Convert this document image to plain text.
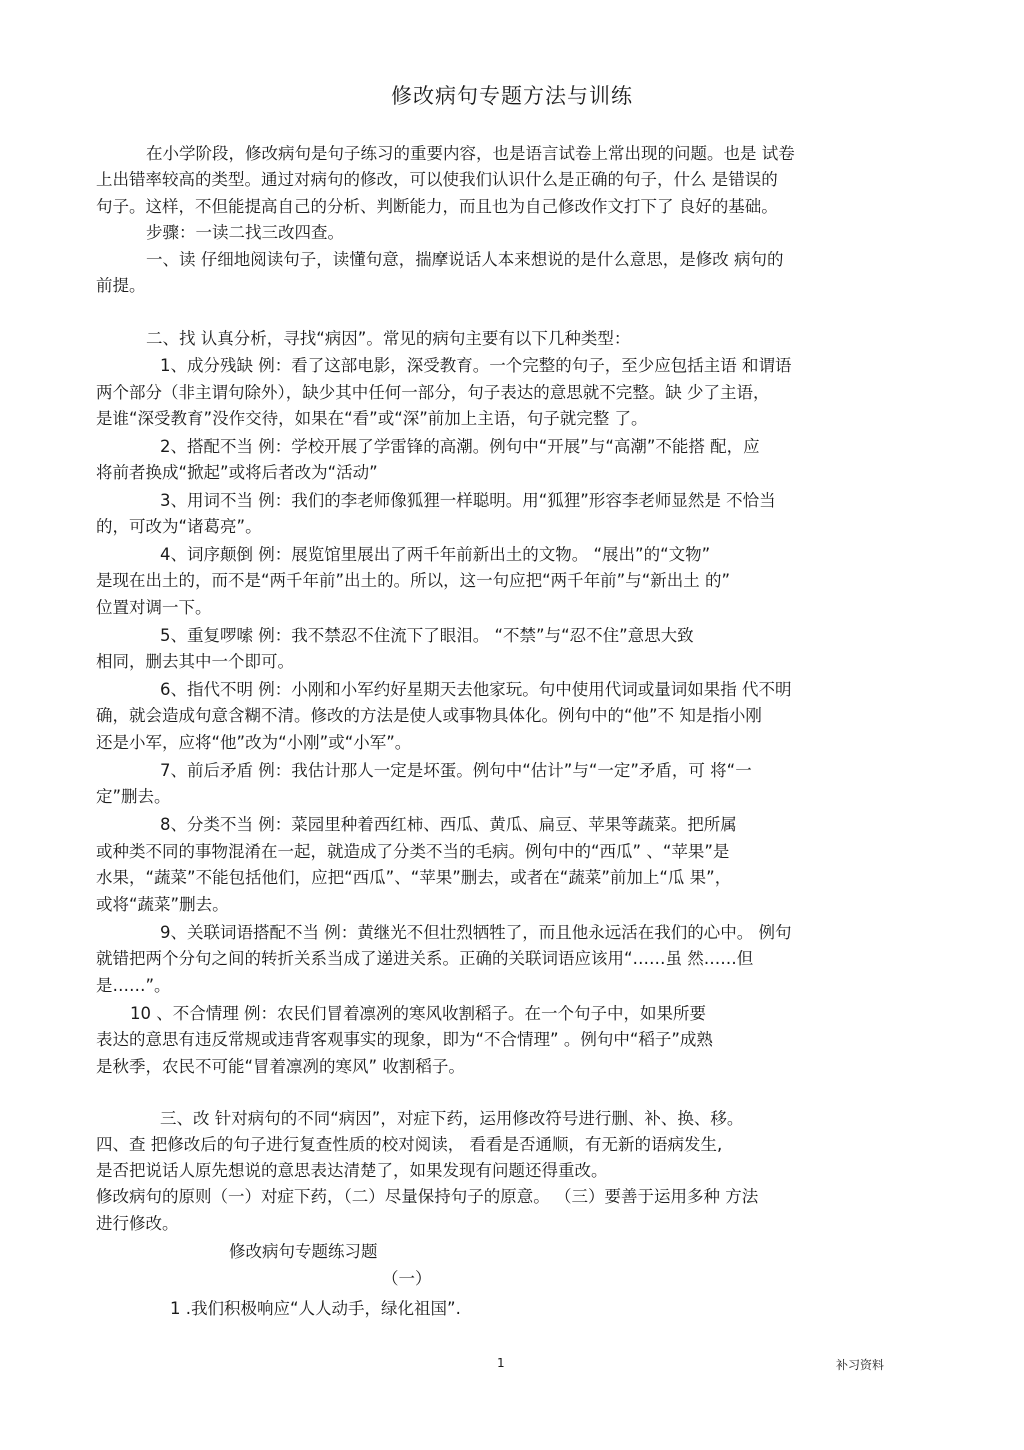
修改病句专题方法与训练
在小学阶段，修改病句是句子练习的重要内容，也是语言试卷上常出现的问题。也是 试卷
上出错率较高的类型。通过对病句的修改，可以使我们认识什么是正确的句子，什么 是错误的
句子。这样，不但能提高自己的分析、判断能力，而且也为自己修改作文打下了 良好的基础。
步骤：一读二找三改四查。
一、读 仔细地阅读句子，读懂句意，揣摩说话人本来想说的是什么意思，是修改 病句的
前提。
二、找 认真分析，寻找“病因”。常见的病句主要有以下几种类型：
1、成分残缺 例：看了这部电影，深受教育。一个完整的句子，至少应包括主语 和谓语
两个部分（非主谓句除外），缺少其中任何一部分，句子表达的意思就不完整。缺 少了主语，
是谁“深受教育”没作交待，如果在“看”或“深”前加上主语，句子就完整 了。
2、搭配不当 例：学校开展了学雷锋的高潮。例句中“开展”与“高潮”不能搭 配，应
将前者换成“掀起”或将后者改为“活动”
3、用词不当 例：我们的李老师像狐狸一样聪明。用“狐狸”形容李老师显然是 不恰当
的，可改为“诸葛亮”。
4、词序颠倒 例：展览馆里展出了两千年前新出土的文物。 “展出”的“文物”
是现在出土的，而不是“两千年前”出土的。所以，这一句应把“两千年前”与“新出土 的”
位置对调一下。
5、重复啰嗦 例：我不禁忍不住流下了眼泪。 “不禁”与“忍不住”意思大致
相同，删去其中一个即可。
6、指代不明 例：小刚和小军约好星期天去他家玩。句中使用代词或量词如果指 代不明
确，就会造成句意含糊不清。修改的方法是使人或事物具体化。例句中的“他”不 知是指小刚
还是小军，应将“他”改为“小刚”或“小军”。
7、前后矛盾 例：我估计那人一定是坏蛋。例句中“估计”与“一定”矛盾，可 将“一
定”删去。
8、分类不当 例：菜园里种着西红柿、西瓜、黄瓜、扁豆、苹果等蔬菜。把所属
或种类不同的事物混淆在一起，就造成了分类不当的毛病。例句中的“西瓜” 、“苹果”是
水果，“蔬菜”不能包括他们，应把“西瓜”、“苹果”删去，或者在“蔬菜”前加上“瓜 果”，
或将“蔬菜”删去。
9、关联词语搭配不当 例：黄继光不但壮烈牺牲了，而且他永远活在我们的心中。 例句
就错把两个分句之间的转折关系当成了递进关系。正确的关联词语应该用“……虽 然……但
是……”。
10 、不合情理 例：农民们冒着凛冽的寒风收割稻子。在一个句子中，如果所要
表达的意思有违反常规或违背客观事实的现象，即为“不合情理” 。例句中“稻子”成熟
是秋季，农民不可能“冒着凛冽的寒风” 收割稻子。
三、改 针对病句的不同“病因”，对症下药，运用修改符号进行删、补、换、移。
四、查 把修改后的句子进行复查性质的校对阅读， 看看是否通顺，有无新的语病发生,
是否把说话人原先想说的意思表达清楚了，如果发现有问题还得重改。
修改病句的原则（一）对症下药，（二）尽量保持句子的原意。 （三）要善于运用多种 方法
进行修改。
修改病句专题练习题
（一）
1 .我们积极响应“人人动手，绿化祖国”.
1	补习资料
